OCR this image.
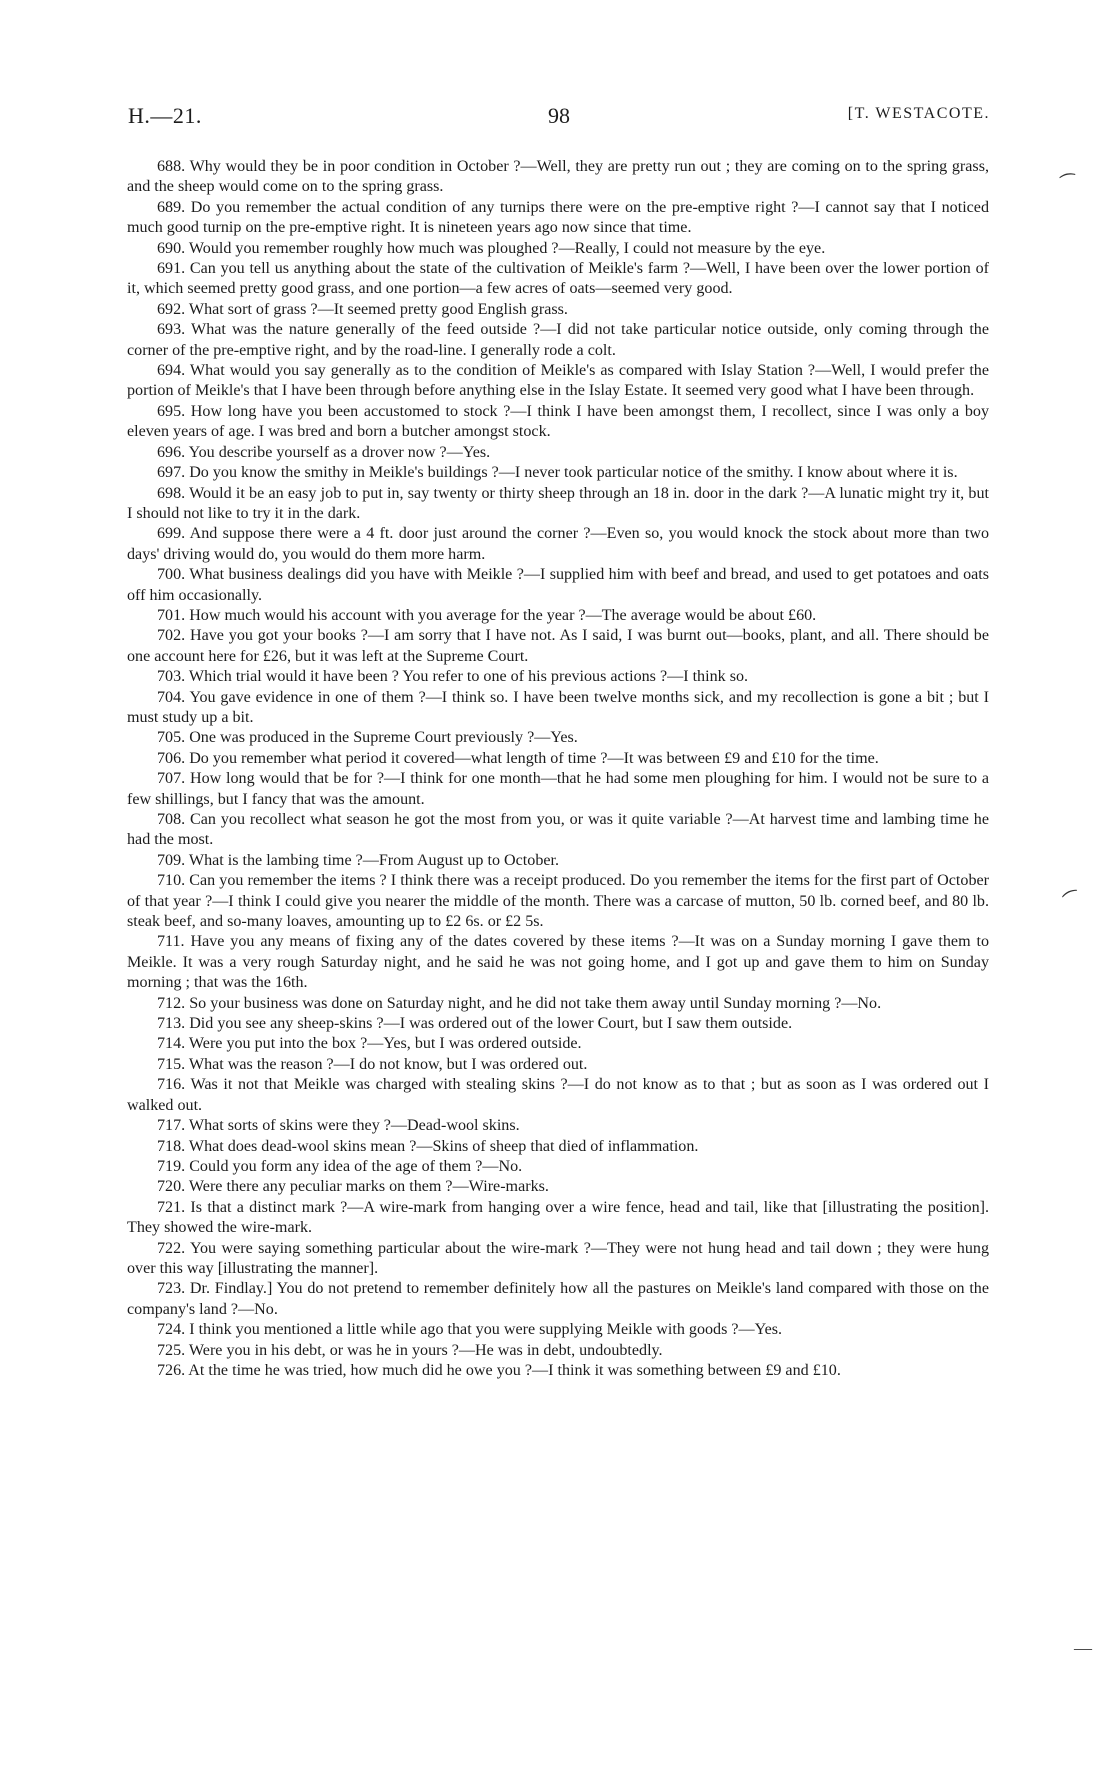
H.—21.	98	[T. WESTACOTE.

688. Why would they be in poor condition in October ?—Well, they are pretty run out ; they are coming on to the spring grass, and the sheep would come on to the spring grass.

689. Do you remember the actual condition of any turnips there were on the pre-emptive right ?—I cannot say that I noticed much good turnip on the pre-emptive right. It is nineteen years ago now since that time.

690. Would you remember roughly how much was ploughed ?—Really, I could not measure by the eye.

691. Can you tell us anything about the state of the cultivation of Meikle's farm ?—Well, I have been over the lower portion of it, which seemed pretty good grass, and one portion—a few acres of oats—seemed very good.

692. What sort of grass ?—It seemed pretty good English grass.

693. What was the nature generally of the feed outside ?—I did not take particular notice outside, only coming through the corner of the pre-emptive right, and by the road-line. I generally rode a colt.

694. What would you say generally as to the condition of Meikle's as compared with Islay Station ?—Well, I would prefer the portion of Meikle's that I have been through before anything else in the Islay Estate. It seemed very good what I have been through.

695. How long have you been accustomed to stock ?—I think I have been amongst them, I recollect, since I was only a boy eleven years of age. I was bred and born a butcher amongst stock.

696. You describe yourself as a drover now ?—Yes.

697. Do you know the smithy in Meikle's buildings ?—I never took particular notice of the smithy. I know about where it is.

698. Would it be an easy job to put in, say twenty or thirty sheep through an 18 in. door in the dark ?—A lunatic might try it, but I should not like to try it in the dark.

699. And suppose there were a 4 ft. door just around the corner ?—Even so, you would knock the stock about more than two days' driving would do, you would do them more harm.

700. What business dealings did you have with Meikle ?—I supplied him with beef and bread, and used to get potatoes and oats off him occasionally.

701. How much would his account with you average for the year ?—The average would be about £60.

702. Have you got your books ?—I am sorry that I have not. As I said, I was burnt out—books, plant, and all. There should be one account here for £26, but it was left at the Supreme Court.

703. Which trial would it have been ? You refer to one of his previous actions ?—I think so.

704. You gave evidence in one of them ?—I think so. I have been twelve months sick, and my recollection is gone a bit ; but I must study up a bit.

705. One was produced in the Supreme Court previously ?—Yes.

706. Do you remember what period it covered—what length of time ?—It was between £9 and £10 for the time.

707. How long would that be for ?—I think for one month—that he had some men ploughing for him. I would not be sure to a few shillings, but I fancy that was the amount.

708. Can you recollect what season he got the most from you, or was it quite variable ?—At harvest time and lambing time he had the most.

709. What is the lambing time ?—From August up to October.

710. Can you remember the items ? I think there was a receipt produced. Do you remember the items for the first part of October of that year ?—I think I could give you nearer the middle of the month. There was a carcase of mutton, 50 lb. corned beef, and 80 lb. steak beef, and so-many loaves, amounting up to £2 6s. or £2 5s.

711. Have you any means of fixing any of the dates covered by these items ?—It was on a Sunday morning I gave them to Meikle. It was a very rough Saturday night, and he said he was not going home, and I got up and gave them to him on Sunday morning ; that was the 16th.

712. So your business was done on Saturday night, and he did not take them away until Sunday morning ?—No.

713. Did you see any sheep-skins ?—I was ordered out of the lower Court, but I saw them outside.

714. Were you put into the box ?—Yes, but I was ordered outside.

715. What was the reason ?—I do not know, but I was ordered out.

716. Was it not that Meikle was charged with stealing skins ?—I do not know as to that ; but as soon as I was ordered out I walked out.

717. What sorts of skins were they ?—Dead-wool skins.

718. What does dead-wool skins mean ?—Skins of sheep that died of inflammation.

719. Could you form any idea of the age of them ?—No.

720. Were there any peculiar marks on them ?—Wire-marks.

721. Is that a distinct mark ?—A wire-mark from hanging over a wire fence, head and tail, like that [illustrating the position]. They showed the wire-mark.

722. You were saying something particular about the wire-mark ?—They were not hung head and tail down ; they were hung over this way [illustrating the manner].

723. Dr. Findlay.] You do not pretend to remember definitely how all the pastures on Meikle's land compared with those on the company's land ?—No.

724. I think you mentioned a little while ago that you were supplying Meikle with goods ?—Yes.

725. Were you in his debt, or was he in yours ?—He was in debt, undoubtedly.

726. At the time he was tried, how much did he owe you ?—I think it was something between £9 and £10.

⁀
⁀
—
